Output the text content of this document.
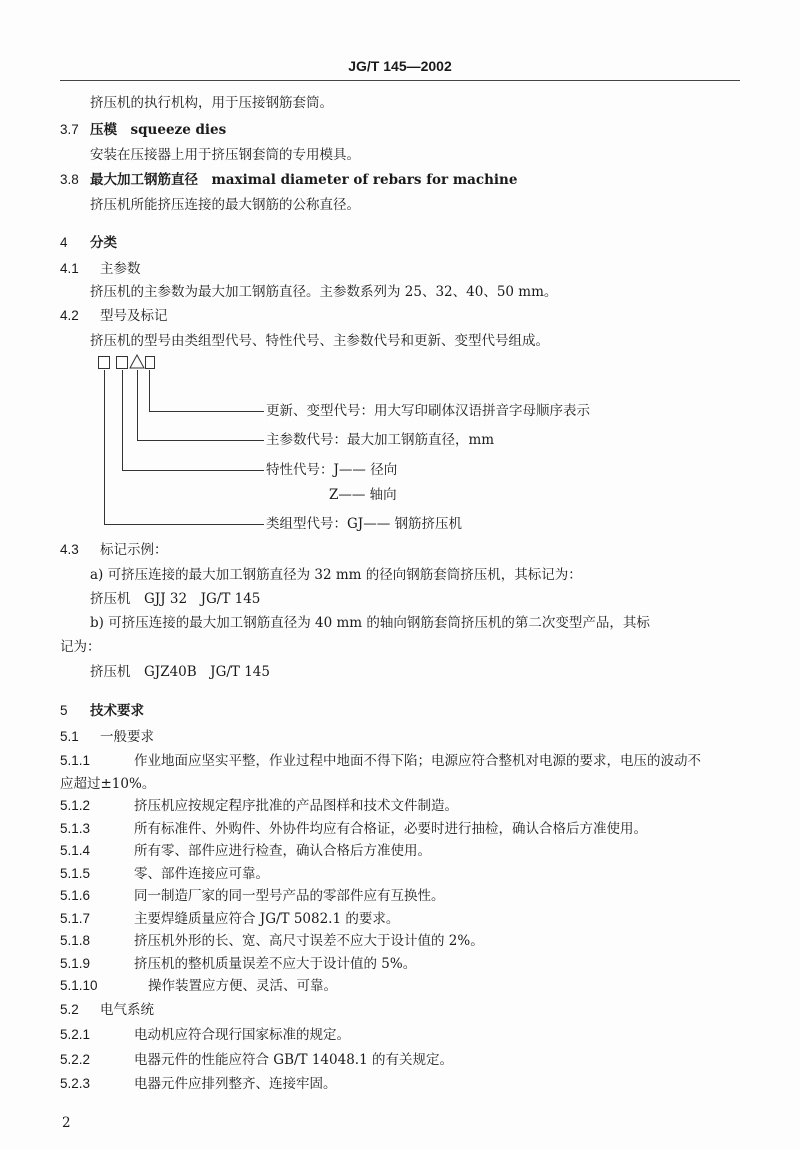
JG/T 145—2002
挤压机的执行机构，用于压接钢筋套筒。
3.7 压模　squeeze dies
安装在压接器上用于挤压钢套筒的专用模具。
3.8 最大加工钢筋直径　maximal diameter of rebars for machine
挤压机所能挤压连接的最大钢筋的公称直径。
4 分类
4.1 主参数
挤压机的主参数为最大加工钢筋直径。主参数系列为 25、32、40、50 mm。
4.2 型号及标记
挤压机的型号由类组型代号、特性代号、主参数代号和更新、变型代号组成。
更新、变型代号：用大写印刷体汉语拼音字母顺序表示
主参数代号：最大加工钢筋直径，mm
特性代号：J—— 径向
Z—— 轴向
类组型代号：GJ—— 钢筋挤压机
4.3 标记示例：
a) 可挤压连接的最大加工钢筋直径为 32 mm 的径向钢筋套筒挤压机，其标记为：
挤压机　GJJ 32　JG/T 145
b) 可挤压连接的最大加工钢筋直径为 40 mm 的轴向钢筋套筒挤压机的第二次变型产品，其标
记为：
挤压机　GJZ40B　JG/T 145
5 技术要求
5.1 一般要求
5.1.1	作业地面应坚实平整，作业过程中地面不得下陷；电源应符合整机对电源的要求，电压的波动不
应超过±10%。
5.1.2	挤压机应按规定程序批准的产品图样和技术文件制造。
5.1.3	所有标准件、外购件、外协件均应有合格证，必要时进行抽检，确认合格后方准使用。
5.1.4	所有零、部件应进行检查，确认合格后方准使用。
5.1.5	零、部件连接应可靠。
5.1.6	同一制造厂家的同一型号产品的零部件应有互换性。
5.1.7	主要焊缝质量应符合 JG/T 5082.1 的要求。
5.1.8	挤压机外形的长、宽、高尺寸误差不应大于设计值的 2%。
5.1.9	挤压机的整机质量误差不应大于设计值的 5%。
5.1.10	操作装置应方便、灵活、可靠。
5.2 电气系统
5.2.1	电动机应符合现行国家标准的规定。
5.2.2	电器元件的性能应符合 GB/T 14048.1 的有关规定。
5.2.3	电器元件应排列整齐、连接牢固。
2
